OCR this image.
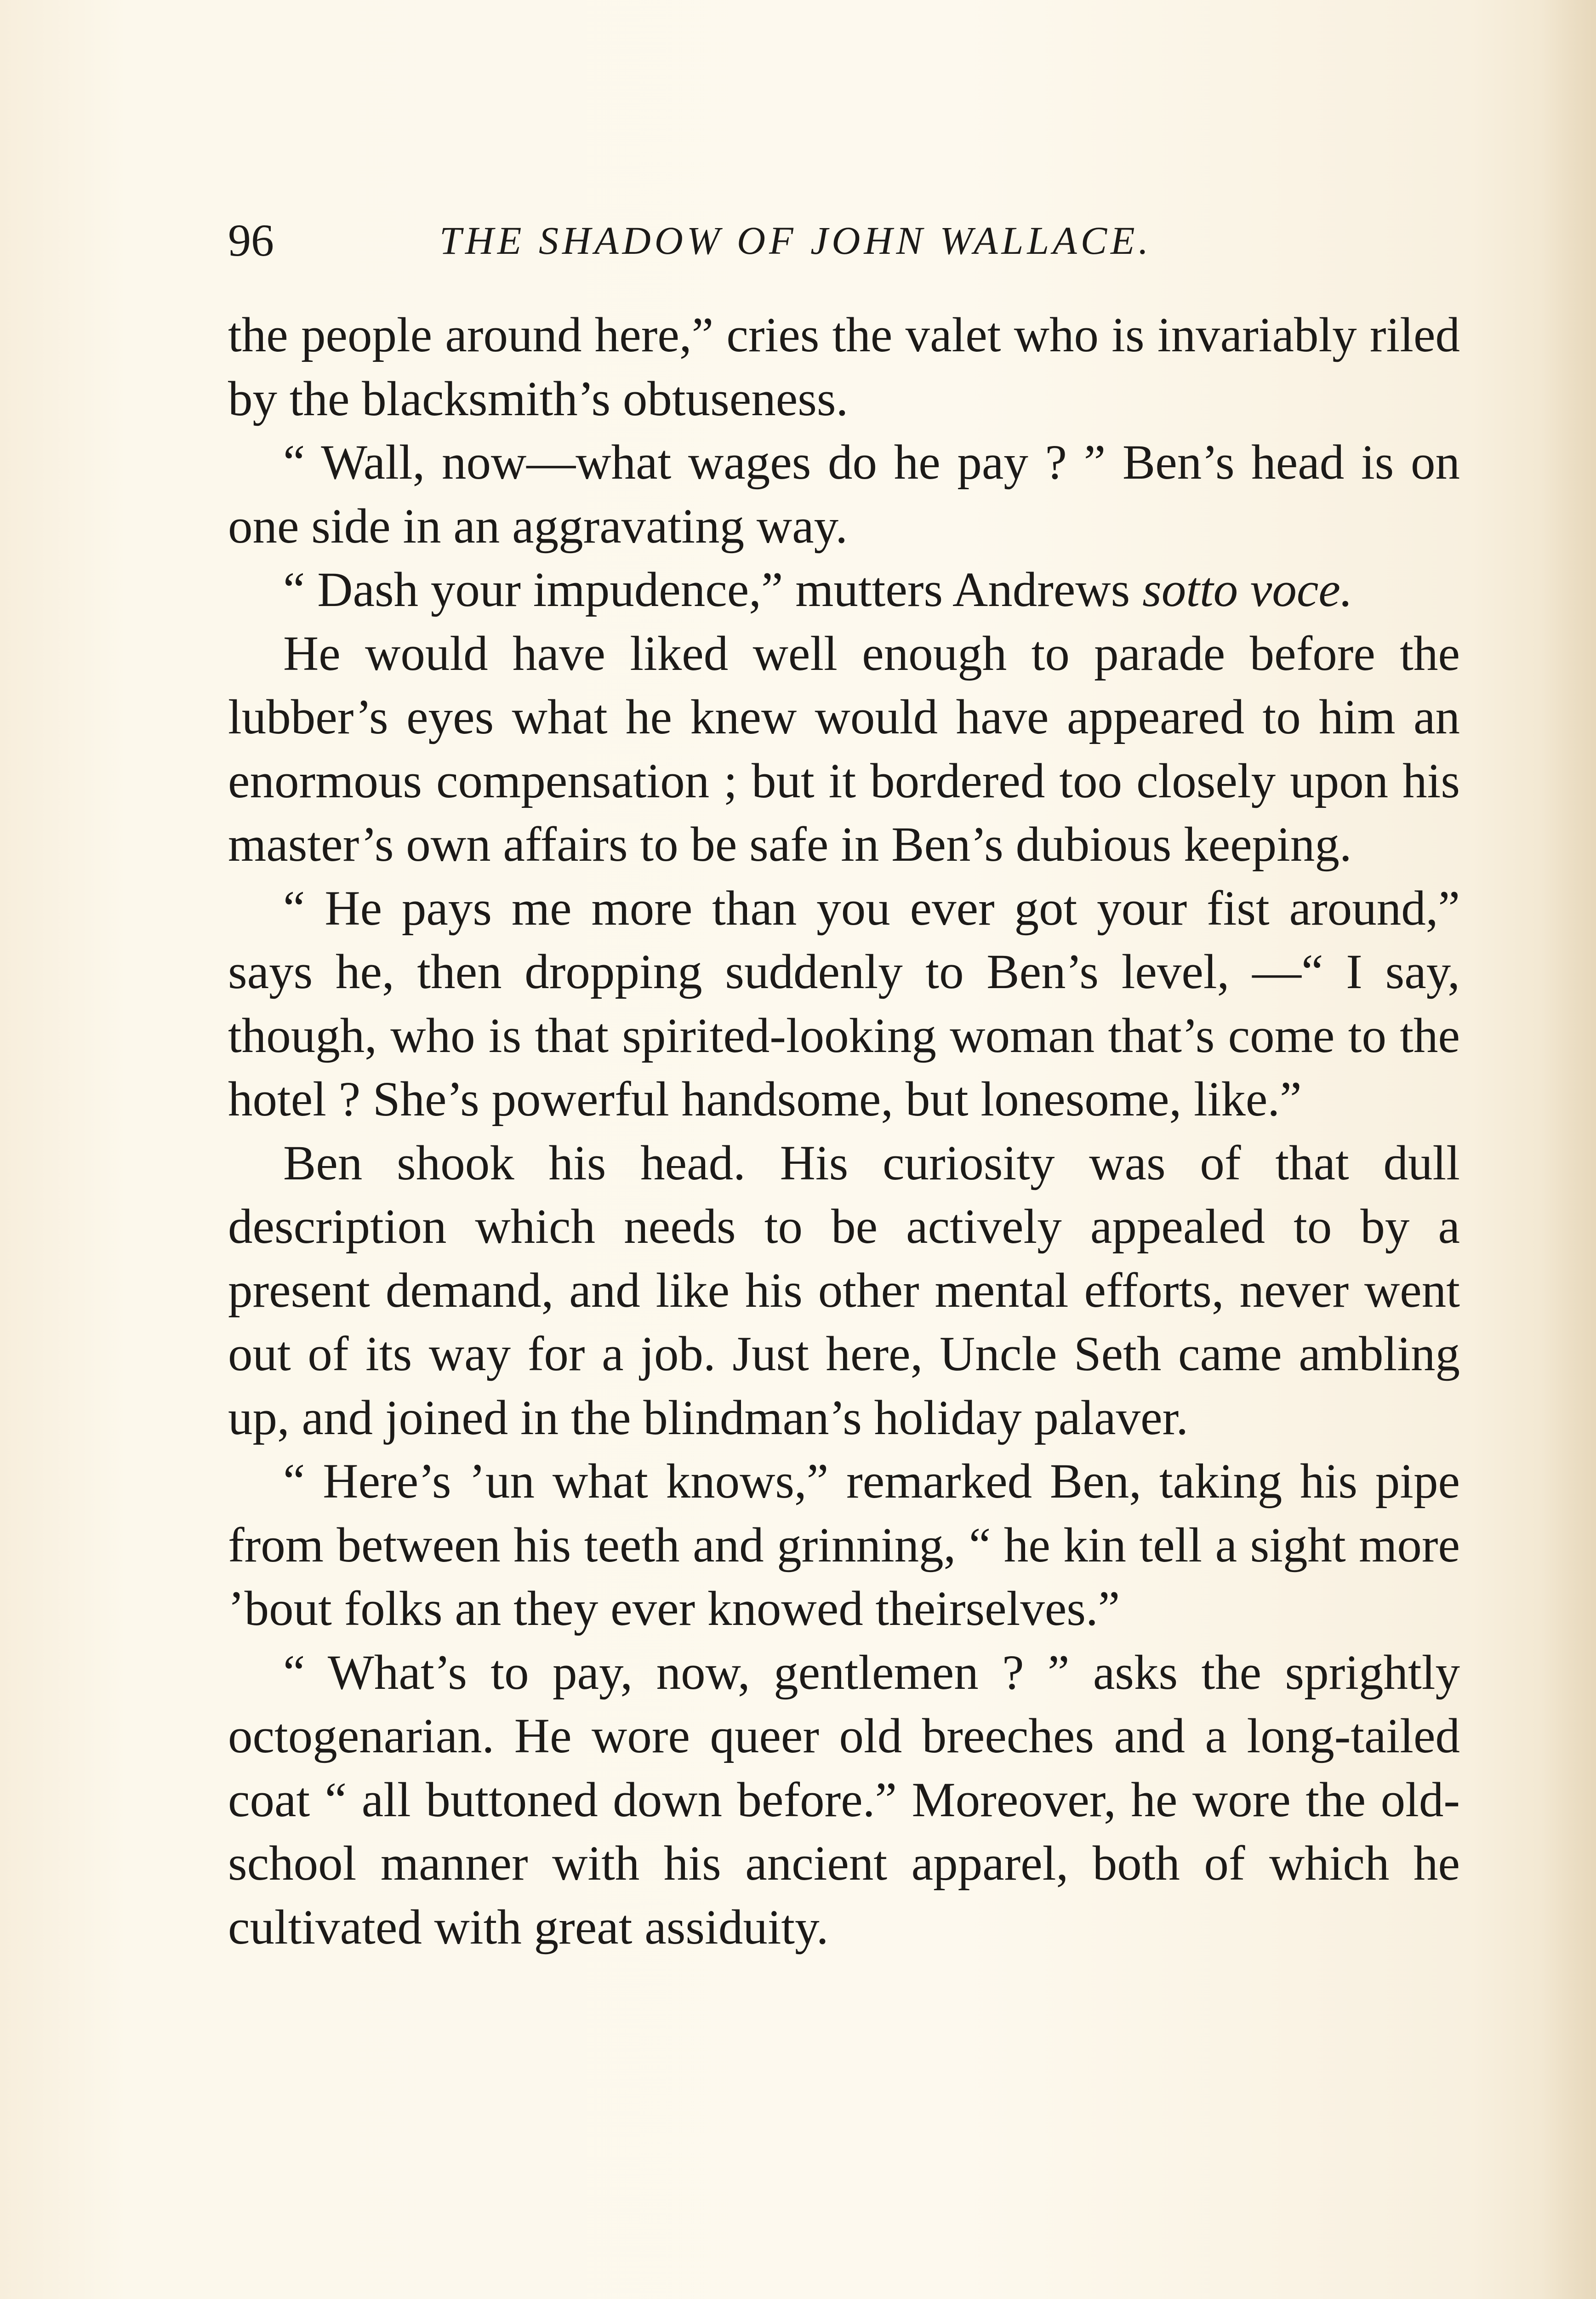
96	THE SHADOW OF JOHN WALLACE.

the people around here,” cries the valet who is invariably riled by the blacksmith’s obtuseness.

“ Wall, now—what wages do he pay ? ” Ben’s head is on one side in an aggravating way.

“ Dash your impudence,” mutters Andrews sotto voce.

He would have liked well enough to parade before the lubber’s eyes what he knew would have appeared to him an enormous compensation ; but it bordered too closely upon his master’s own affairs to be safe in Ben’s dubious keeping.

“ He pays me more than you ever got your fist around,” says he, then dropping suddenly to Ben’s level, —“ I say, though, who is that spirited-looking woman that’s come to the hotel ? She’s powerful handsome, but lonesome, like.”

Ben shook his head. His curiosity was of that dull description which needs to be actively appealed to by a present demand, and like his other mental efforts, never went out of its way for a job. Just here, Uncle Seth came ambling up, and joined in the blindman’s holiday palaver.

“ Here’s ’un what knows,” remarked Ben, taking his pipe from between his teeth and grinning, “ he kin tell a sight more ’bout folks an they ever knowed theirselves.”

“ What’s to pay, now, gentlemen ? ” asks the sprightly octogenarian. He wore queer old breeches and a long-tailed coat “ all buttoned down before.” Moreover, he wore the old-school manner with his ancient apparel, both of which he cultivated with great assiduity.
